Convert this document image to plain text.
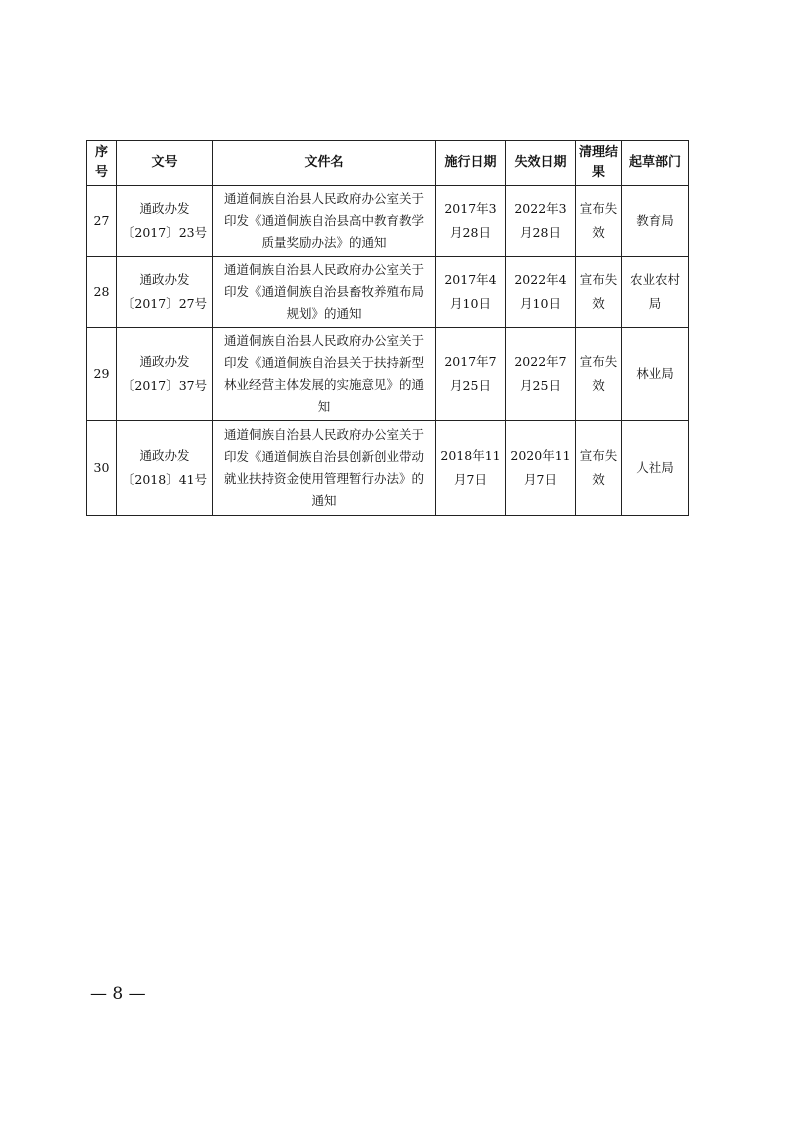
序号	文号	文件名	施行日期	失效日期	清理结果	起草部门
27	通政办发〔2017〕23号	通道侗族自治县人民政府办公室关于印发《通道侗族自治县高中教育教学质量奖励办法》的通知	2017年3月28日	2022年3月28日	宣布失效	教育局
28	通政办发〔2017〕27号	通道侗族自治县人民政府办公室关于印发《通道侗族自治县畜牧养殖布局规划》的通知	2017年4月10日	2022年4月10日	宣布失效	农业农村局
29	通政办发〔2017〕37号	通道侗族自治县人民政府办公室关于印发《通道侗族自治县关于扶持新型林业经营主体发展的实施意见》的通知	2017年7月25日	2022年7月25日	宣布失效	林业局
30	通政办发〔2018〕41号	通道侗族自治县人民政府办公室关于印发《通道侗族自治县创新创业带动就业扶持资金使用管理暂行办法》的通知	2018年11月7日	2020年11月7日	宣布失效	人社局
— 8 —
